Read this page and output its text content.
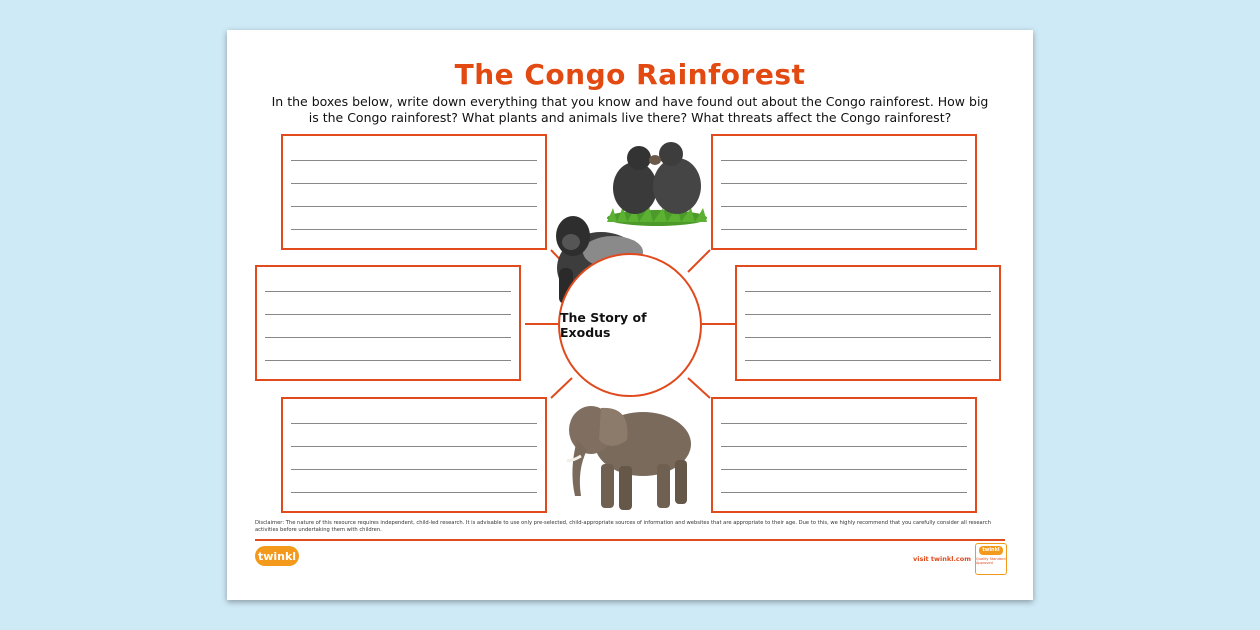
The Congo Rainforest
In the boxes below, write down everything that you know and have found out about the Congo rainforest. How big is the Congo rainforest? What plants and animals live there? What threats affect the Congo rainforest?
The Story of Exodus
Disclaimer: The nature of this resource requires independent, child-led research. It is advisable to use only pre-selected, child-appropriate sources of information and websites that are appropriate to their age. Due to this, we highly recommend that you carefully consider all research activities before undertaking them with children.
twinkl	visit twinkl.com
twinkl
Quality Standard Approved
